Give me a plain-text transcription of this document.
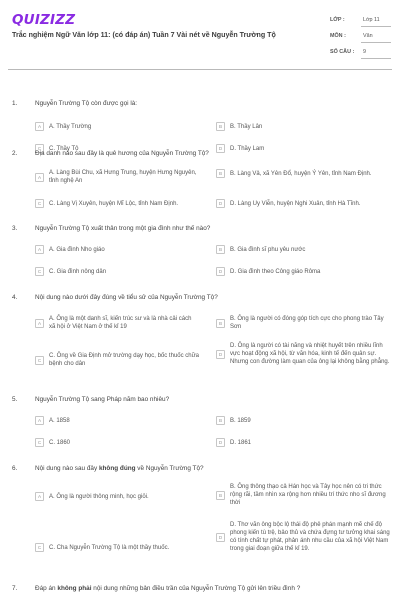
QUIZIZZ
Trắc nghiệm Ngữ Văn lớp 11: (có đáp án) Tuần 7 Vài nét về Nguyễn Trường Tộ
LỚP :	Lớp 11
MÔN :	Văn
SỐ CÂU : 9
1.	Nguyễn Trường Tộ còn được gọi là:
A	A. Thầy Trường	B	B. Thầy Lân
C	C. Thầy Tộ	D	D. Thầy Lam
2.	Địa danh nào sau đây là quê hương của Nguyễn Trường Tộ?
A
A. Làng Bùi Chu, xã Hưng Trung, huyện Hưng Nguyên, tỉnh nghệ An
B	B. Làng Vả, xã Yên Đổ, huyện Ý Yên, tỉnh Nam Định.
C	C. Làng Vị Xuyên, huyện Mĩ Lộc, tỉnh Nam Định.	D	D. Làng Uy Viễn, huyện Nghi Xuân, tỉnh Hà Tĩnh.
3.	Nguyễn Trường Tộ xuất thân trong một gia đình như thế nào?
A	A. Gia đình Nho giáo	B	B. Gia đình sĩ phu yêu nước
C	C. Gia đình nông dân	D	D. Gia đình theo Công giáo Rôma
4.	Nội dung nào dưới đây đúng về tiểu sử của Nguyễn Trường Tộ?
A
A. Ông là một danh sĩ, kiến trúc sư và là nhà cải cách xã hội ở Việt Nam ở thế kỉ 19
B
B. Ông là người có đóng góp tích cực cho phong trào Tây Sơn
C
C. Ông về Gia Định mở trường dạy học, bốc thuốc chữa bệnh cho dân
D
D. Ông là người có tài năng và nhiệt huyết trên nhiều lĩnh vực hoạt động xã hội, từ văn hóa, kinh tế đến quân sự. Nhưng con đường làm quan của ông lại không bằng phẳng.
5.	Nguyễn Trường Tộ sang Pháp năm bao nhiêu?
A	A. 1858	B	B. 1859
C	C. 1860	D	D. 1861
6.	Nội dung nào sau đây không đúng về Nguyễn Trường Tộ?
A	A. Ông là người thông minh, học giỏi.	B
B. Ông thông thạo cả Hán học và Tây học nên có tri thức rộng rãi, tầm nhìn xa rộng hơn nhiều trí thức nho sĩ đương thời
C	C. Cha Nguyễn Trường Tộ là một thầy thuốc.
D
D. Thơ văn ông bộc lộ thái độ phê phán mạnh mẽ chế độ phong kiến tù trệ, bảo thủ và chứa đựng tư tưởng khai sáng có tính chất tự phát, phản ánh nhu cầu của xã hội Việt Nam trong giai đoạn giữa thế kỉ 19.
7.	Đáp án không phải nội dung những bản điều trần của Nguyễn Trường Tộ gửi lên triều đình ?
